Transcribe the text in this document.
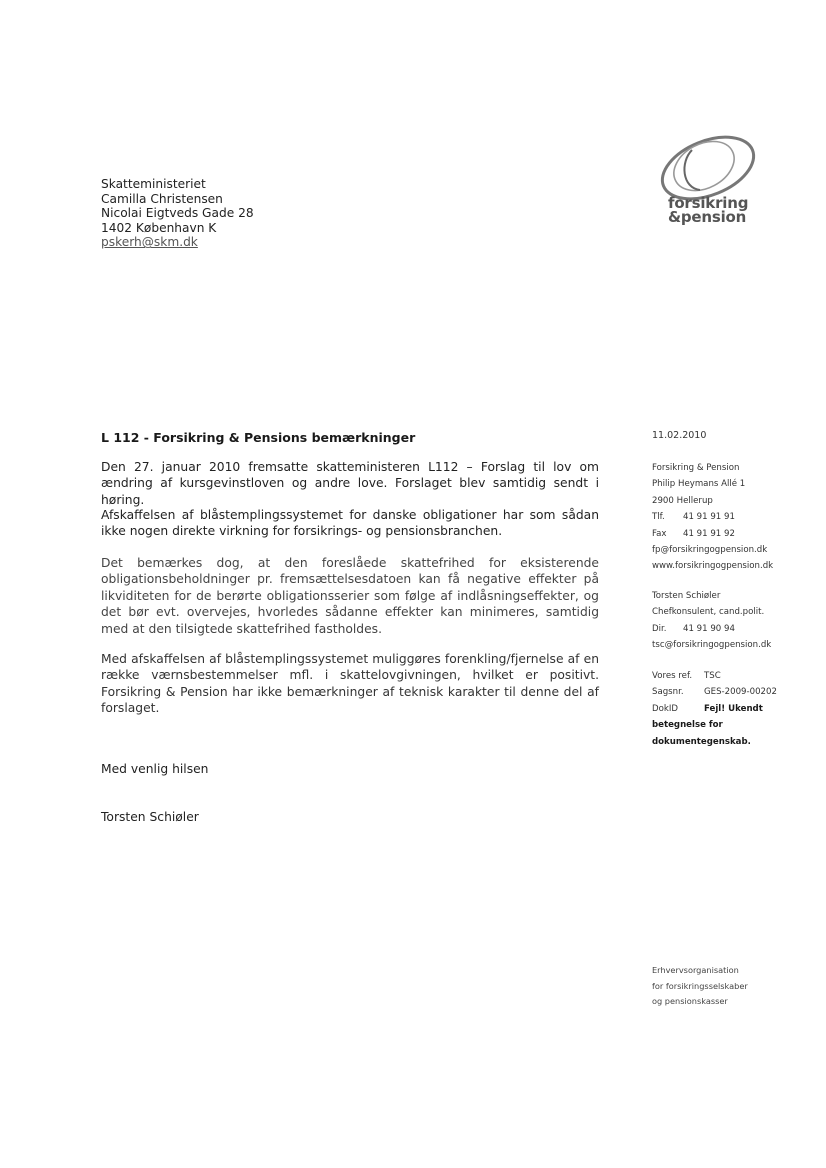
Skatteministeriet
Camilla Christensen
Nicolai Eigtveds Gade 28
1402 København K
pskerh@skm.dk
forsikring
&pension
L 112 - Forsikring & Pensions bemærkninger
Den 27. januar 2010 fremsatte skatteministeren L112 – Forslag til lov om ændring af kursgevinstloven og andre love. Forslaget blev samtidig sendt i høring.
Afskaffelsen af blåstemplingssystemet for danske obligationer har som sådan ikke nogen direkte virkning for forsikrings- og pensionsbranchen.
Det bemærkes dog, at den foreslåede skattefrihed for eksisterende obligationsbeholdninger pr. fremsættelsesdatoen kan få negative effekter på likviditeten for de berørte obligationsserier som følge af indlåsningseffekter, og det bør evt. overvejes, hvorledes sådanne effekter kan minimeres, samtidig med at den tilsigtede skattefrihed fastholdes.
Med afskaffelsen af blåstemplingssystemet muliggøres forenkling/fjernelse af en række værnsbestemmelser mfl. i skattelovgivningen, hvilket er positivt. Forsikring & Pension har ikke bemærkninger af teknisk karakter til denne del af forslaget.
Med venlig hilsen
Torsten Schiøler
11.02.2010
Forsikring & Pension
Philip Heymans Allé 1
2900 Hellerup
Tlf. 41 91 91 91
Fax 41 91 91 92
fp@forsikringogpension.dk
www.forsikringogpension.dk
Torsten Schiøler
Chefkonsulent, cand.polit.
Dir. 41 91 90 94
tsc@forsikringogpension.dk
Vores ref. TSC
Sagsnr. GES-2009-00202
DokID	Fejl! Ukendt
betegnelse for
dokumentegenskab.
Erhvervsorganisation
for forsikringsselskaber
og pensionskasser
